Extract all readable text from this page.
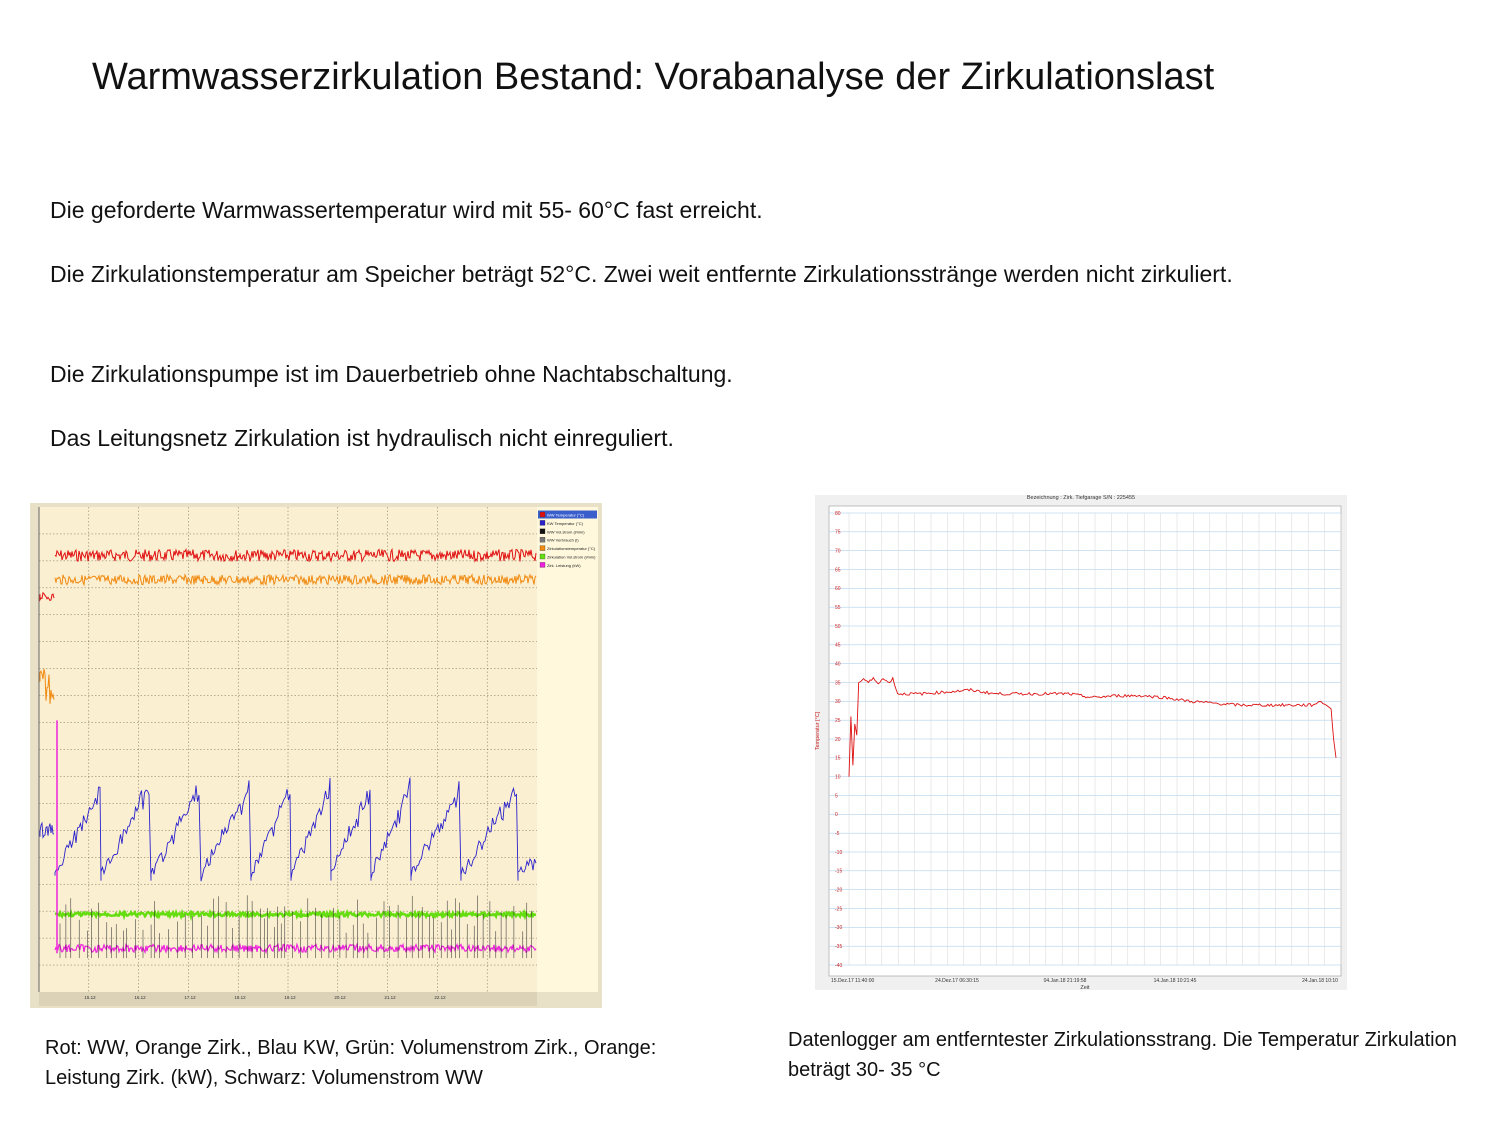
Warmwasserzirkulation Bestand: Vorabanalyse der Zirkulationslast
Die geforderte Warmwassertemperatur wird mit 55- 60°C fast erreicht.
Die Zirkulationstemperatur am Speicher beträgt 52°C. Zwei weit entfernte Zirkulationsstränge werden nicht zirkuliert.
Die Zirkulationspumpe ist im Dauerbetrieb ohne Nachtabschaltung.
Das Leitungsnetz Zirkulation ist hydraulisch nicht einreguliert.
WW Temperatur (°C)
KW Temperatur (°C)
WW Vol.strom (l/min)
WW Verbrauch (l)
Zirkulationstemperatur (°C)
Zirkulation Vol.strom (l/min)
Zirk. Leistung (kW)
15.12	16.12	17.12	18.12	19.12	20.12	21.12	22.12
Bezeichnung : Zirk. Tiefgarage S/N : 225455
80
75
70
65
60
55
50
45
40
35
30
25
20
15
10
5
0
-5
-10
-15
-20
-25
-30
-35
-40
15.Dez.17 11:40:00	24.Dez.17 06:30:15	04.Jan.18 21:19:58	14.Jan.18 10:21:45	24.Jan.18 10:10
Temperatur [°C]
Zeit
Rot: WW, Orange Zirk., Blau KW, Grün: Volumenstrom Zirk., Orange: Leistung Zirk. (kW), Schwarz: Volumenstrom WW
Datenlogger am entferntester Zirkulationsstrang. Die Temperatur Zirkulation beträgt 30- 35 °C
